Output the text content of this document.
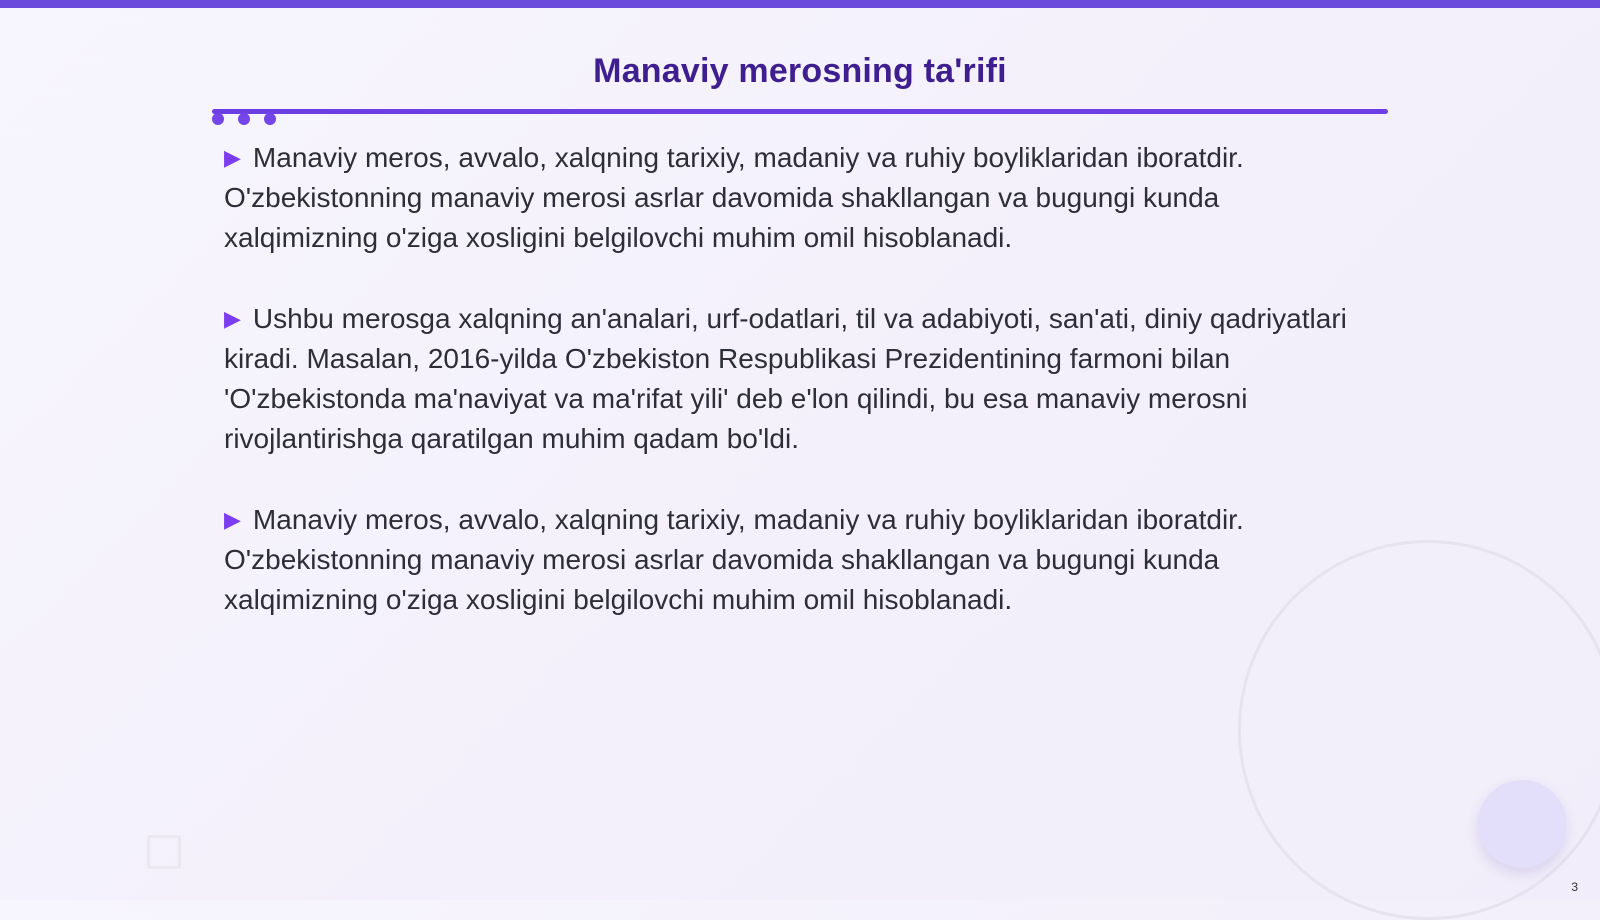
Manaviy merosning ta'rifi

▶ Manaviy meros, avvalo, xalqning tarixiy, madaniy va ruhiy boyliklaridan iboratdir. O'zbekistonning manaviy merosi asrlar davomida shakllangan va bugungi kunda xalqimizning o'ziga xosligini belgilovchi muhim omil hisoblanadi.

▶ Ushbu merosga xalqning an'analari, urf-odatlari, til va adabiyoti, san'ati, diniy qadriyatlari kiradi. Masalan, 2016-yilda O'zbekiston Respublikasi Prezidentining farmoni bilan 'O'zbekistonda ma'naviyat va ma'rifat yili' deb e'lon qilindi, bu esa manaviy merosni rivojlantirishga qaratilgan muhim qadam bo'ldi.

▶ Manaviy meros, avvalo, xalqning tarixiy, madaniy va ruhiy boyliklaridan iboratdir. O'zbekistonning manaviy merosi asrlar davomida shakllangan va bugungi kunda xalqimizning o'ziga xosligini belgilovchi muhim omil hisoblanadi.

3
